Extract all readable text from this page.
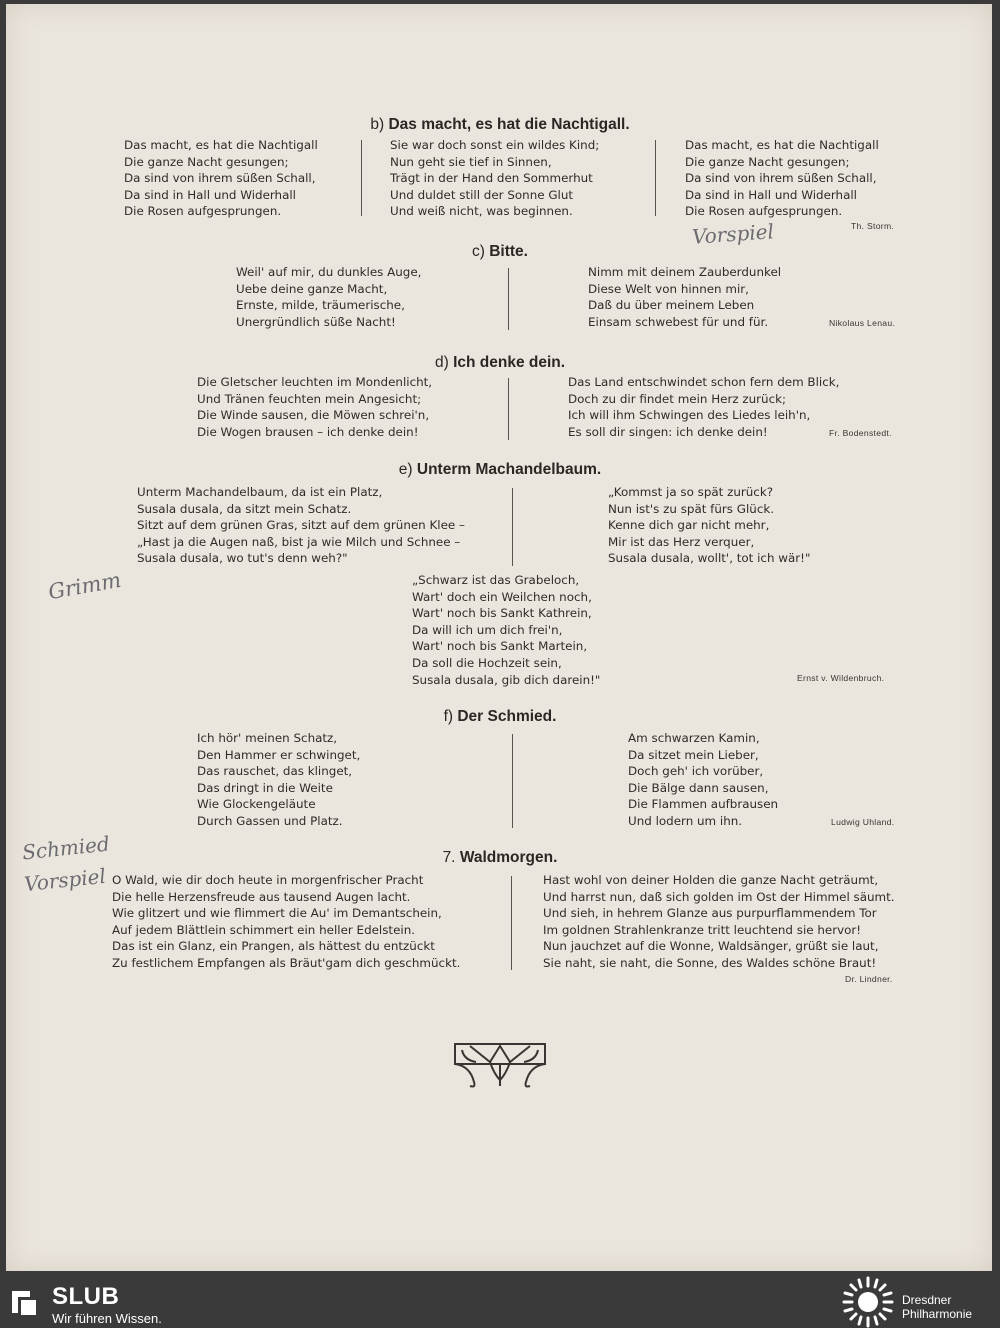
b) Das macht, es hat die Nachtigall.
Das macht, es hat die Nachtigall
Die ganze Nacht gesungen;
Da sind von ihrem süßen Schall,
Da sind in Hall und Widerhall
Die Rosen aufgesprungen.
Sie war doch sonst ein wildes Kind;
Nun geht sie tief in Sinnen,
Trägt in der Hand den Sommerhut
Und duldet still der Sonne Glut
Und weiß nicht, was beginnen.
Das macht, es hat die Nachtigall
Die ganze Nacht gesungen;
Da sind von ihrem süßen Schall,
Da sind in Hall und Widerhall
Die Rosen aufgesprungen.
Th. Storm.
Vorspiel
c) Bitte.
Weil' auf mir, du dunkles Auge,
Uebe deine ganze Macht,
Ernste, milde, träumerische,
Unergründlich süße Nacht!
Nimm mit deinem Zauberdunkel
Diese Welt von hinnen mir,
Daß du über meinem Leben
Einsam schwebest für und für.	Nikolaus Lenau.
d) Ich denke dein.
Die Gletscher leuchten im Mondenlicht,
Und Tränen feuchten mein Angesicht;
Die Winde sausen, die Möwen schrei'n,
Die Wogen brausen – ich denke dein!
Das Land entschwindet schon fern dem Blick,
Doch zu dir findet mein Herz zurück;
Ich will ihm Schwingen des Liedes leih'n,
Es soll dir singen: ich denke dein!	Fr. Bodenstedt.
e) Unterm Machandelbaum.
Unterm Machandelbaum, da ist ein Platz,
Susala dusala, da sitzt mein Schatz.
Sitzt auf dem grünen Gras, sitzt auf dem grünen Klee –
„Hast ja die Augen naß, bist ja wie Milch und Schnee –
Susala dusala, wo tut's denn weh?"
„Kommst ja so spät zurück?
Nun ist's zu spät fürs Glück.
Kenne dich gar nicht mehr,
Mir ist das Herz verquer,
Susala dusala, wollt', tot ich wär!"
„Schwarz ist das Grabeloch,
Wart' doch ein Weilchen noch,
Wart' noch bis Sankt Kathrein,
Da will ich um dich frei'n,
Wart' noch bis Sankt Martein,
Da soll die Hochzeit sein,
Susala dusala, gib dich darein!"	Ernst v. Wildenbruch.
Grimm
f) Der Schmied.
Ich hör' meinen Schatz,
Den Hammer er schwinget,
Das rauschet, das klinget,
Das dringt in die Weite
Wie Glockengeläute
Durch Gassen und Platz.
Am schwarzen Kamin,
Da sitzet mein Lieber,
Doch geh' ich vorüber,
Die Bälge dann sausen,
Die Flammen aufbrausen
Und lodern um ihn.	Ludwig Uhland.
Schmied
Vorspiel
7. Waldmorgen.
O Wald, wie dir doch heute in morgenfrischer Pracht
Die helle Herzensfreude aus tausend Augen lacht.
Wie glitzert und wie flimmert die Au' im Demantschein,
Auf jedem Blättlein schimmert ein heller Edelstein.
Das ist ein Glanz, ein Prangen, als hättest du entzückt
Zu festlichem Empfangen als Bräut'gam dich geschmückt.
Hast wohl von deiner Holden die ganze Nacht geträumt,
Und harrst nun, daß sich golden im Ost der Himmel säumt.
Und sieh, in hehrem Glanze aus purpurflammendem Tor
Im goldnen Strahlenkranze tritt leuchtend sie hervor!
Nun jauchzet auf die Wonne, Waldsänger, grüßt sie laut,
Sie naht, sie naht, die Sonne, des Waldes schöne Braut!
Dr. Lindner.
SLUB
Wir führen Wissen.
Dresdner
Philharmonie
